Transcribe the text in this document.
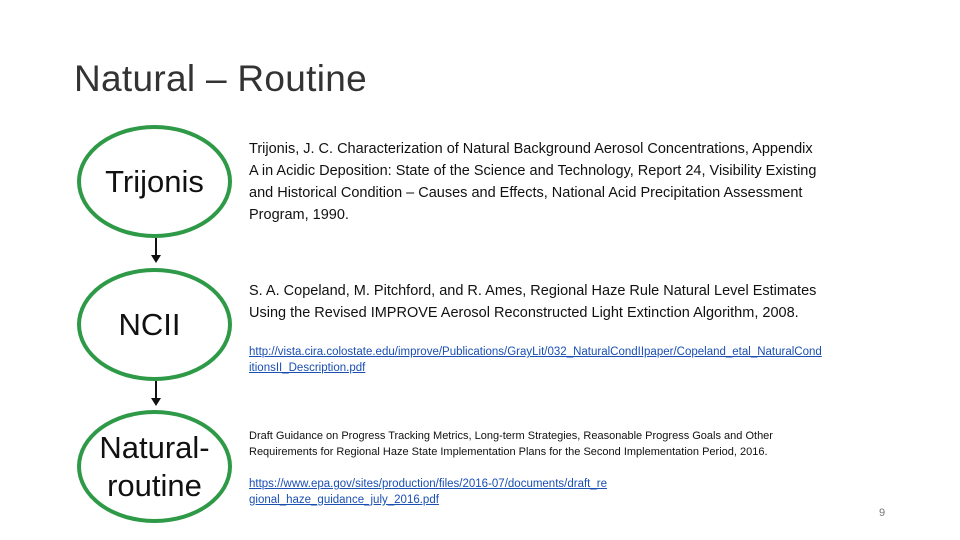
Natural – Routine
Trijonis
NCII
Natural-
routine
Trijonis, J. C. Characterization of Natural Background Aerosol Concentrations, Appendix A in Acidic Deposition: State of the Science and Technology, Report 24, Visibility Existing and Historical Condition – Causes and Effects, National Acid Precipitation Assessment Program, 1990.
S. A. Copeland, M. Pitchford, and R. Ames, Regional Haze Rule Natural Level Estimates Using the Revised IMPROVE Aerosol Reconstructed Light Extinction Algorithm, 2008.
http://vista.cira.colostate.edu/improve/Publications/GrayLit/032_NaturalCondIIpaper/Copeland_etal_NaturalConditionsII_Description.pdf
Draft Guidance on Progress Tracking Metrics, Long-term Strategies, Reasonable Progress Goals and Other Requirements for Regional Haze State Implementation Plans for the Second Implementation Period, 2016.
https://www.epa.gov/sites/production/files/2016-07/documents/draft_regional_haze_guidance_july_2016.pdf
9
